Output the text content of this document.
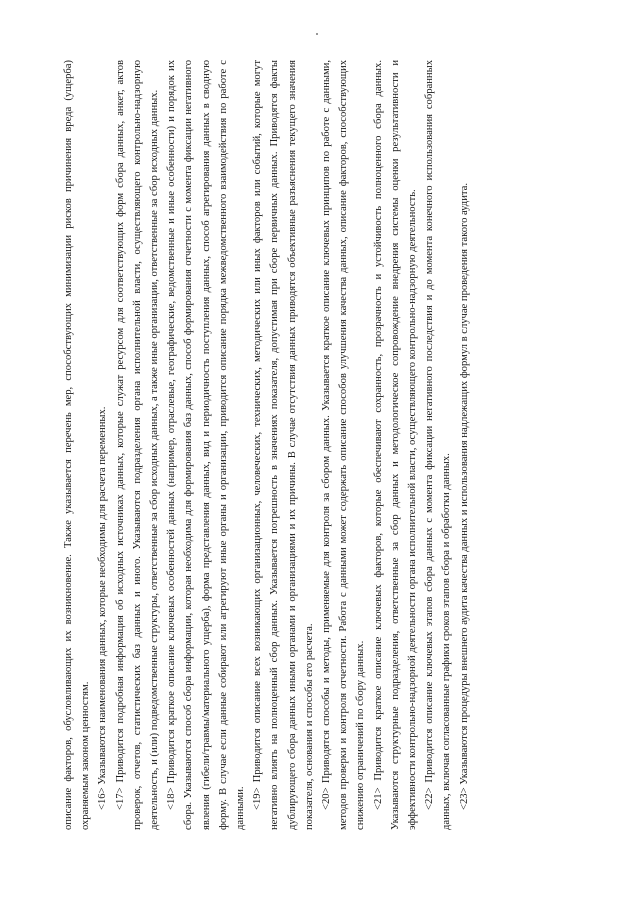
описание факторов, обусловливающих их возникновение. Также указывается перечень мер, способствующих минимизации рисков причинения вреда (ущерба) охраняемым законом ценностям. <16> Указываются наименования данных, которые необходимы для расчета переменных. <17> Приводится подробная информация об исходных источниках данных, которые служат ресурсом для соответствующих форм сбора данных, анкет, актов проверок, отчетов, статистических баз данных и иного. Указываются подразделения органа исполнительной власти, осуществляющего контрольно-надзорную деятельность, и (или) подведомственные структуры, ответственные за сбор исходных данных, а также иные организации, ответственные за сбор исходных данных. <18> Приводится краткое описание ключевых особенностей данных (например, отраслевые, географические, ведомственные и иные особенности) и порядок их сбора. Указываются способ сбора информации, которая необходима для формирования баз данных, способ формирования отчетности с момента фиксации негативного явления (гибели/травмы/материального ущерба), форма представления данных, вид и периодичность поступления данных, способ агрегирования данных в сводную форму. В случае если данные собирают или агрегируют иные органы и организации, приводится описание порядка межведомственного взаимодействия по работе с данными. <19> Приводится описание всех возникающих организационных, человеческих, технических, методических или иных факторов или событий, которые могут негативно влиять на полноценный сбор данных. Указывается погрешность в значениях показателя, допустимая при сборе первичных данных. Приводятся факты дублирующего сбора данных иными органами и организациями и их причины. В случае отсутствия данных приводятся объективные разъяснения текущего значения показателя, основания и способы его расчета. <20> Приводятся способы и методы, применяемые для контроля за сбором данных. Указывается краткое описание ключевых принципов по работе с данными, методов проверки и контроля отчетности. Работа с данными может содержать описание способов улучшения качества данных, описание факторов, способствующих снижению ограничений по сбору данных. <21> Приводится краткое описание ключевых факторов, которые обеспечивают сохранность, прозрачность и устойчивость полноценного сбора данных. Указываются структурные подразделения, ответственные за сбор данных и методологическое сопровождение внедрения системы оценки результативности и эффективности контрольно-надзорной деятельности органа исполнительной власти, осуществляющего контрольно-надзорную деятельность. <22> Приводится описание ключевых этапов сбора данных с момента фиксации негативного последствия и до момента конечного использования собранных данных, включая согласованные графики сроков этапов сбора и обработки данных. <23> Указываются процедуры внешнего аудита качества данных и использования надлежащих формул в случае проведения такого аудита.
